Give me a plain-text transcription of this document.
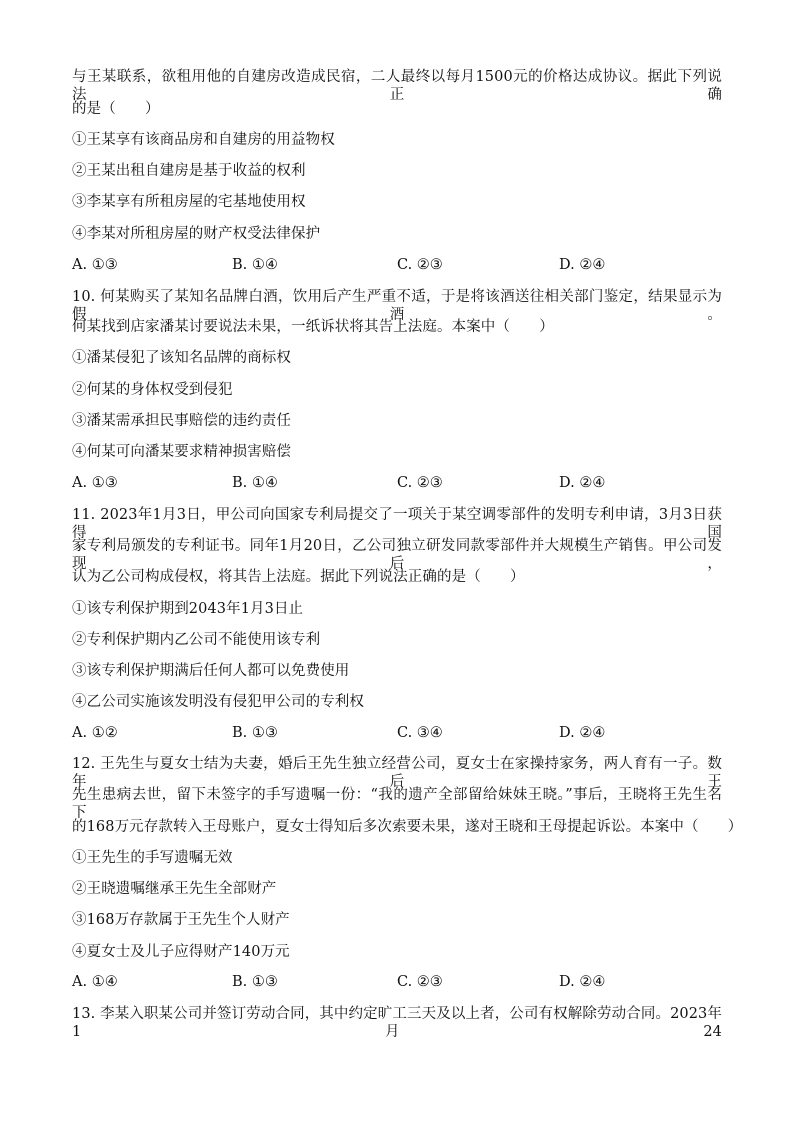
与王某联系，欲租用他的自建房改造成民宿，二人最终以每月1500元的价格达成协议。据此下列说法正确
的是（　　）
①王某享有该商品房和自建房的用益物权
②王某出租自建房是基于收益的权利
③李某享有所租房屋的宅基地使用权
④李某对所租房屋的财产权受法律保护
A. ①③	B. ①④	C. ②③	D. ②④
10. 何某购买了某知名品牌白酒，饮用后产生严重不适，于是将该酒送往相关部门鉴定，结果显示为假酒。
何某找到店家潘某讨要说法未果，一纸诉状将其告上法庭。本案中（　　）
①潘某侵犯了该知名品牌的商标权
②何某的身体权受到侵犯
③潘某需承担民事赔偿的违约责任
④何某可向潘某要求精神损害赔偿
A. ①③	B. ①④	C. ②③	D. ②④
11. 2023年1月3日，甲公司向国家专利局提交了一项关于某空调零部件的发明专利申请，3月3日获得国
家专利局颁发的专利证书。同年1月20日，乙公司独立研发同款零部件并大规模生产销售。甲公司发现后，
认为乙公司构成侵权，将其告上法庭。据此下列说法正确的是（　　）
①该专利保护期到2043年1月3日止
②专利保护期内乙公司不能使用该专利
③该专利保护期满后任何人都可以免费使用
④乙公司实施该发明没有侵犯甲公司的专利权
A. ①②	B. ①③	C. ③④	D. ②④
12. 王先生与夏女士结为夫妻，婚后王先生独立经营公司，夏女士在家操持家务，两人育有一子。数年后王
先生患病去世，留下未签字的手写遗嘱一份：“我的遗产全部留给妹妹王晓。”事后，王晓将王先生名下
的168万元存款转入王母账户，夏女士得知后多次索要未果，遂对王晓和王母提起诉讼。本案中（　　）
①王先生的手写遗嘱无效
②王晓遗嘱继承王先生全部财产
③168万存款属于王先生个人财产
④夏女士及儿子应得财产140万元
A. ①④	B. ①③	C. ②③	D. ②④
13. 李某入职某公司并签订劳动合同，其中约定旷工三天及以上者，公司有权解除劳动合同。2023年1月24
